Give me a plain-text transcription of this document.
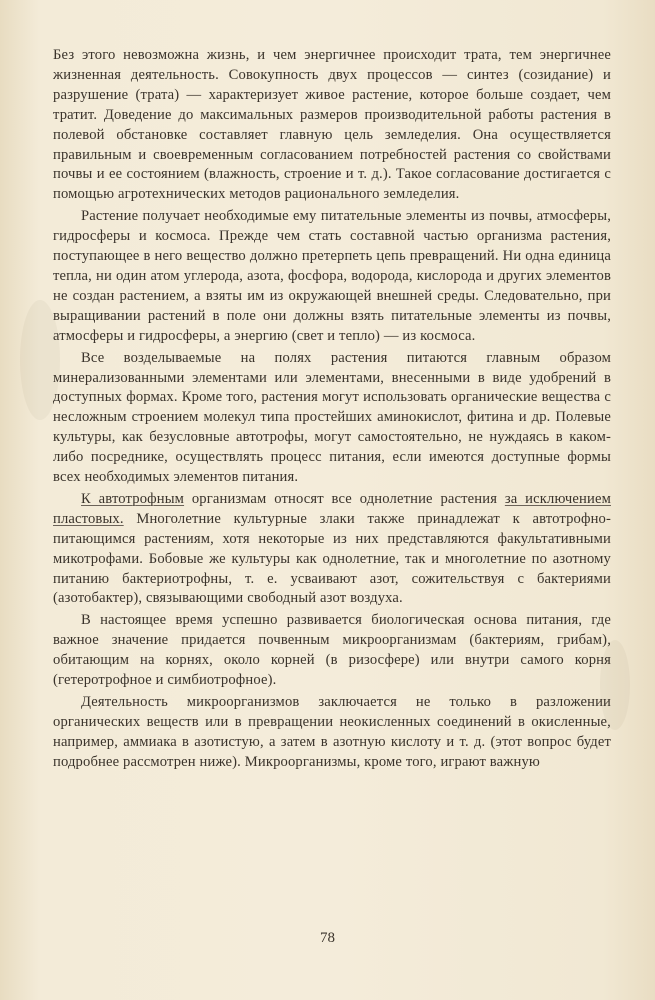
Без этого невозможна жизнь, и чем энергичнее происходит трата, тем энергичнее жизненная деятельность. Совокупность двух процессов — синтез (созидание) и разрушение (трата) — характеризует живое растение, которое больше создает, чем тратит. Доведение до максимальных размеров производительной работы растения в полевой обстановке составляет главную цель земледелия. Она осуществляется правильным и своевременным согласованием потребностей растения со свойствами почвы и ее состоянием (влажность, строение и т. д.). Такое согласование достигается с помощью агротехнических методов рационального земледелия.

Растение получает необходимые ему питательные элементы из почвы, атмосферы, гидросферы и космоса. Прежде чем стать составной частью организма растения, поступающее в него вещество должно претерпеть цепь превращений. Ни одна единица тепла, ни один атом углерода, азота, фосфора, водорода, кислорода и других элементов не создан растением, а взяты им из окружающей внешней среды. Следовательно, при выращивании растений в поле они должны взять питательные элементы из почвы, атмосферы и гидросферы, а энергию (свет и тепло) — из космоса.

Все возделываемые на полях растения питаются главным образом минерализованными элементами или элементами, внесенными в виде удобрений в доступных формах. Кроме того, растения могут использовать органические вещества с несложным строением молекул типа простейших аминокислот, фитина и др. Полевые культуры, как безусловные автотрофы, могут самостоятельно, не нуждаясь в каком-либо посреднике, осуществлять процесс питания, если имеются доступные формы всех необходимых элементов питания.

К автотрофным организмам относят все однолетние растения за исключением пластовых. Многолетние культурные злаки также принадлежат к автотрофно-питающимся растениям, хотя некоторые из них представляются факультативными микотрофами. Бобовые же культуры как однолетние, так и многолетние по азотному питанию бактериотрофны, т. е. усваивают азот, сожительствуя с бактериями (азотобактер), связывающими свободный азот воздуха.

В настоящее время успешно развивается биологическая основа питания, где важное значение придается почвенным микроорганизмам (бактериям, грибам), обитающим на корнях, около корней (в ризосфере) или внутри самого корня (гетеротрофное и симбиотрофное).

Деятельность микроорганизмов заключается не только в разложении органических веществ или в превращении неокисленных соединений в окисленные, например, аммиака в азотистую, а затем в азотную кислоту и т. д. (этот вопрос будет подробнее рассмотрен ниже). Микроорганизмы, кроме того, играют важную

78
